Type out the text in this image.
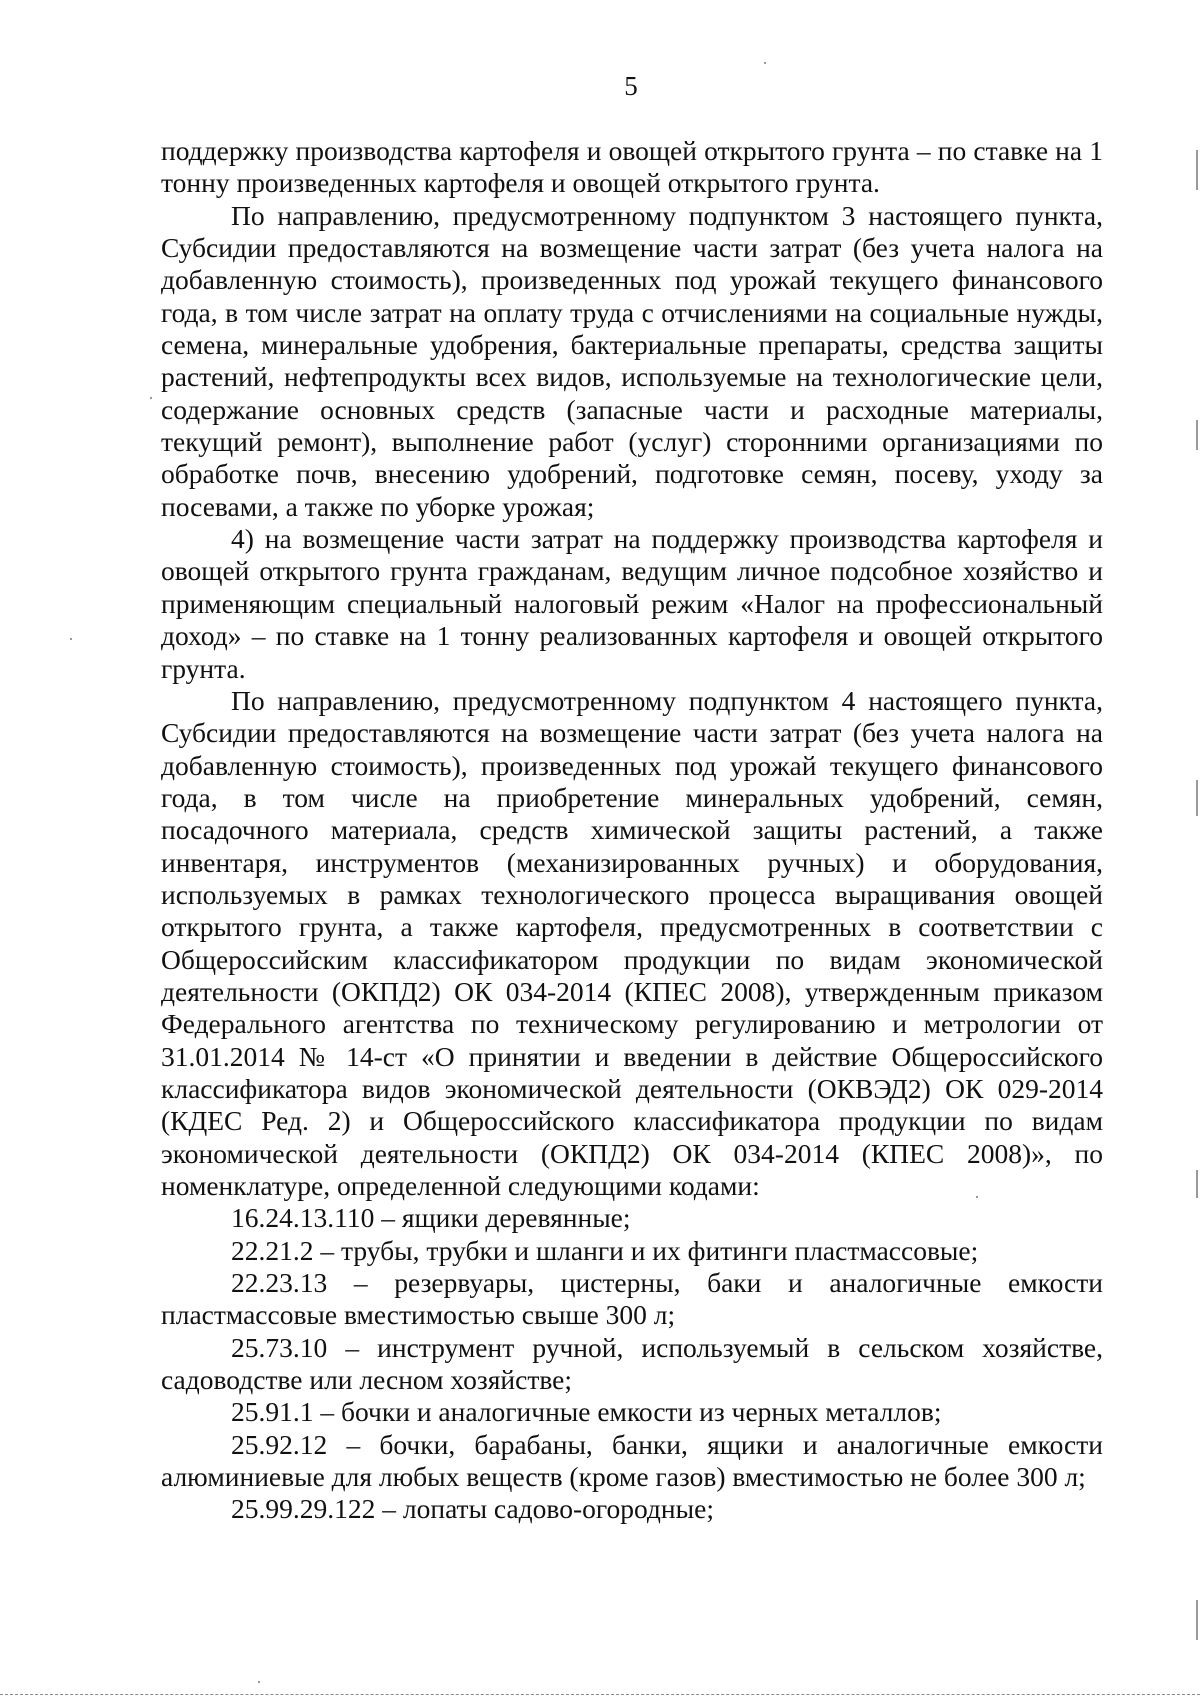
5

поддержку производства картофеля и овощей открытого грунта – по ставке на 1 тонну произведенных картофеля и овощей открытого грунта.

По направлению, предусмотренному подпунктом 3 настоящего пункта, Субсидии предоставляются на возмещение части затрат (без учета налога на добавленную стоимость), произведенных под урожай текущего финансового года, в том числе затрат на оплату труда с отчислениями на социальные нужды, семена, минеральные удобрения, бактериальные препараты, средства защиты растений, нефтепродукты всех видов, используемые на технологические цели, содержание основных средств (запасные части и расходные материалы, текущий ремонт), выполнение работ (услуг) сторонними организациями по обработке почв, внесению удобрений, подготовке семян, посеву, уходу за посевами, а также по уборке урожая;

4) на возмещение части затрат на поддержку производства картофеля и овощей открытого грунта гражданам, ведущим личное подсобное хозяйство и применяющим специальный налоговый режим «Налог на профессиональный доход» – по ставке на 1 тонну реализованных картофеля и овощей открытого грунта.

По направлению, предусмотренному подпунктом 4 настоящего пункта, Субсидии предоставляются на возмещение части затрат (без учета налога на добавленную стоимость), произведенных под урожай текущего финансового года, в том числе на приобретение минеральных удобрений, семян, посадочного материала, средств химической защиты растений, а также инвентаря, инструментов (механизированных ручных) и оборудования, используемых в рамках технологического процесса выращивания овощей открытого грунта, а также картофеля, предусмотренных в соответствии с Общероссийским классификатором продукции по видам экономической деятельности (ОКПД2) ОК 034-2014 (КПЕС 2008), утвержденным приказом Федерального агентства по техническому регулированию и метрологии от 31.01.2014 № 14-ст «О принятии и введении в действие Общероссийского классификатора видов экономической деятельности (ОКВЭД2) ОК 029-2014 (КДЕС Ред. 2) и Общероссийского классификатора продукции по видам экономической деятельности (ОКПД2) ОК 034-2014 (КПЕС 2008)», по номенклатуре, определенной следующими кодами:

16.24.13.110 – ящики деревянные;

22.21.2 – трубы, трубки и шланги и их фитинги пластмассовые;

22.23.13 – резервуары, цистерны, баки и аналогичные емкости пластмассовые вместимостью свыше 300 л;

25.73.10 – инструмент ручной, используемый в сельском хозяйстве, садоводстве или лесном хозяйстве;

25.91.1 – бочки и аналогичные емкости из черных металлов;

25.92.12 – бочки, барабаны, банки, ящики и аналогичные емкости алюминиевые для любых веществ (кроме газов) вместимостью не более 300 л;

25.99.29.122 – лопаты садово-огородные;
